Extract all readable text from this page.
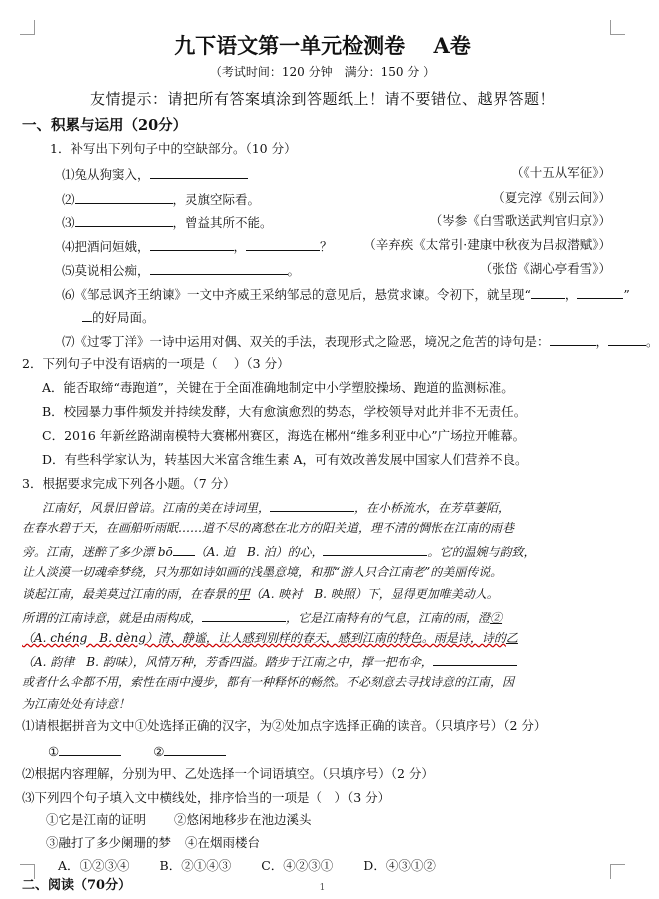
九下语文第一单元检测卷　 A卷
（考试时间：120 分钟　满分：150 分 ）
友情提示：请把所有答案填涂到答题纸上！请不要错位、越界答题！
一、积累与运用（20分）
1．补写出下列句子中的空缺部分。（10 分）
⑴兔从狗窦入，	（《十五从军征》）
⑵	，灵旗空际看。	（夏完淳《别云间》）
⑶	，曾益其所不能。	（岑参《白雪歌送武判官归京》）
⑷把酒问姮娥，	，	？ （辛弃疾《太常引·建康中秋夜为吕叔潜赋》）
⑸莫说相公痴，	。	（张岱《湖心亭看雪》）
⑹《邹忌讽齐王纳谏》一文中齐威王采纳邹忌的意见后，悬赏求谏。令初下，就呈现“	，	”
的好局面。
⑺《过零丁洋》一诗中运用对偶、双关的手法，表现形式之险恶，境况之危苦的诗句是：	，	。
2．下列句子中没有语病的一项是（　 ）（3 分）
A．能否取缔“毒跑道”，关键在于全面准确地制定中小学塑胶操场、跑道的监测标准。
B．校园暴力事件频发并持续发酵，大有愈演愈烈的势态，学校领导对此并非不无责任。
C．2016 年新丝路湖南模特大赛郴州赛区，海选在郴州“维多利亚中心”广场拉开帷幕。
D．有些科学家认为，转基因大米富含维生素 A，可有效改善发展中国家人们营养不良。
3．根据要求完成下列各小题。（7 分）
江南好，风景旧曾谙。江南的美在诗词里，	，在小桥流水，在芳草萋陌，
在春水碧于天，在画船听雨眠……道不尽的离愁在北方的阳关道，理不清的惆怅在江南的雨巷
旁。江南，迷醉了多少漂 bō （A. 迫　B. 泊）的心，	。它的温婉与韵致，
让人淡漠一切魂牵梦绕，只为那如诗如画的浅墨意境，和那“游人只合江南老”的美丽传说。
谈起江南，最美莫过江南的雨，在春景的甲（A. 映衬　B. 映照）下，显得更加唯美动人。
所谓的江南诗意，就是由雨构成，	，它是江南特有的气息，江南的雨，澄②
（A. chéng　B. dèng）清、静谧，让人感到别样的春天，感到江南的特色。雨是诗，诗的乙
（A. 韵律　B. 韵味），风情万种，芳香四溢。踏步于江南之中，撑一把布伞，
或者什么伞都不用，索性在雨中漫步，都有一种释怀的畅然。不必刻意去寻找诗意的江南，因
为江南处处有诗意！
⑴请根据拼音为文中①处选择正确的汉字，为②处加点字选择正确的读音。（只填序号）（2 分）
①	②
⑵根据内容理解，分别为甲、乙处选择一个词语填空。（只填序号）（2 分）
⑶下列四个句子填入文中横线处，排序恰当的一项是（　）（3 分）
①它是江南的证明 ②悠闲地移步在池边溪头
③融打了多少阑珊的梦 ④在烟雨楼台
A．①②③④ B．②①④③ C．④②③① D．④③①②
二、阅读（70分）	1
